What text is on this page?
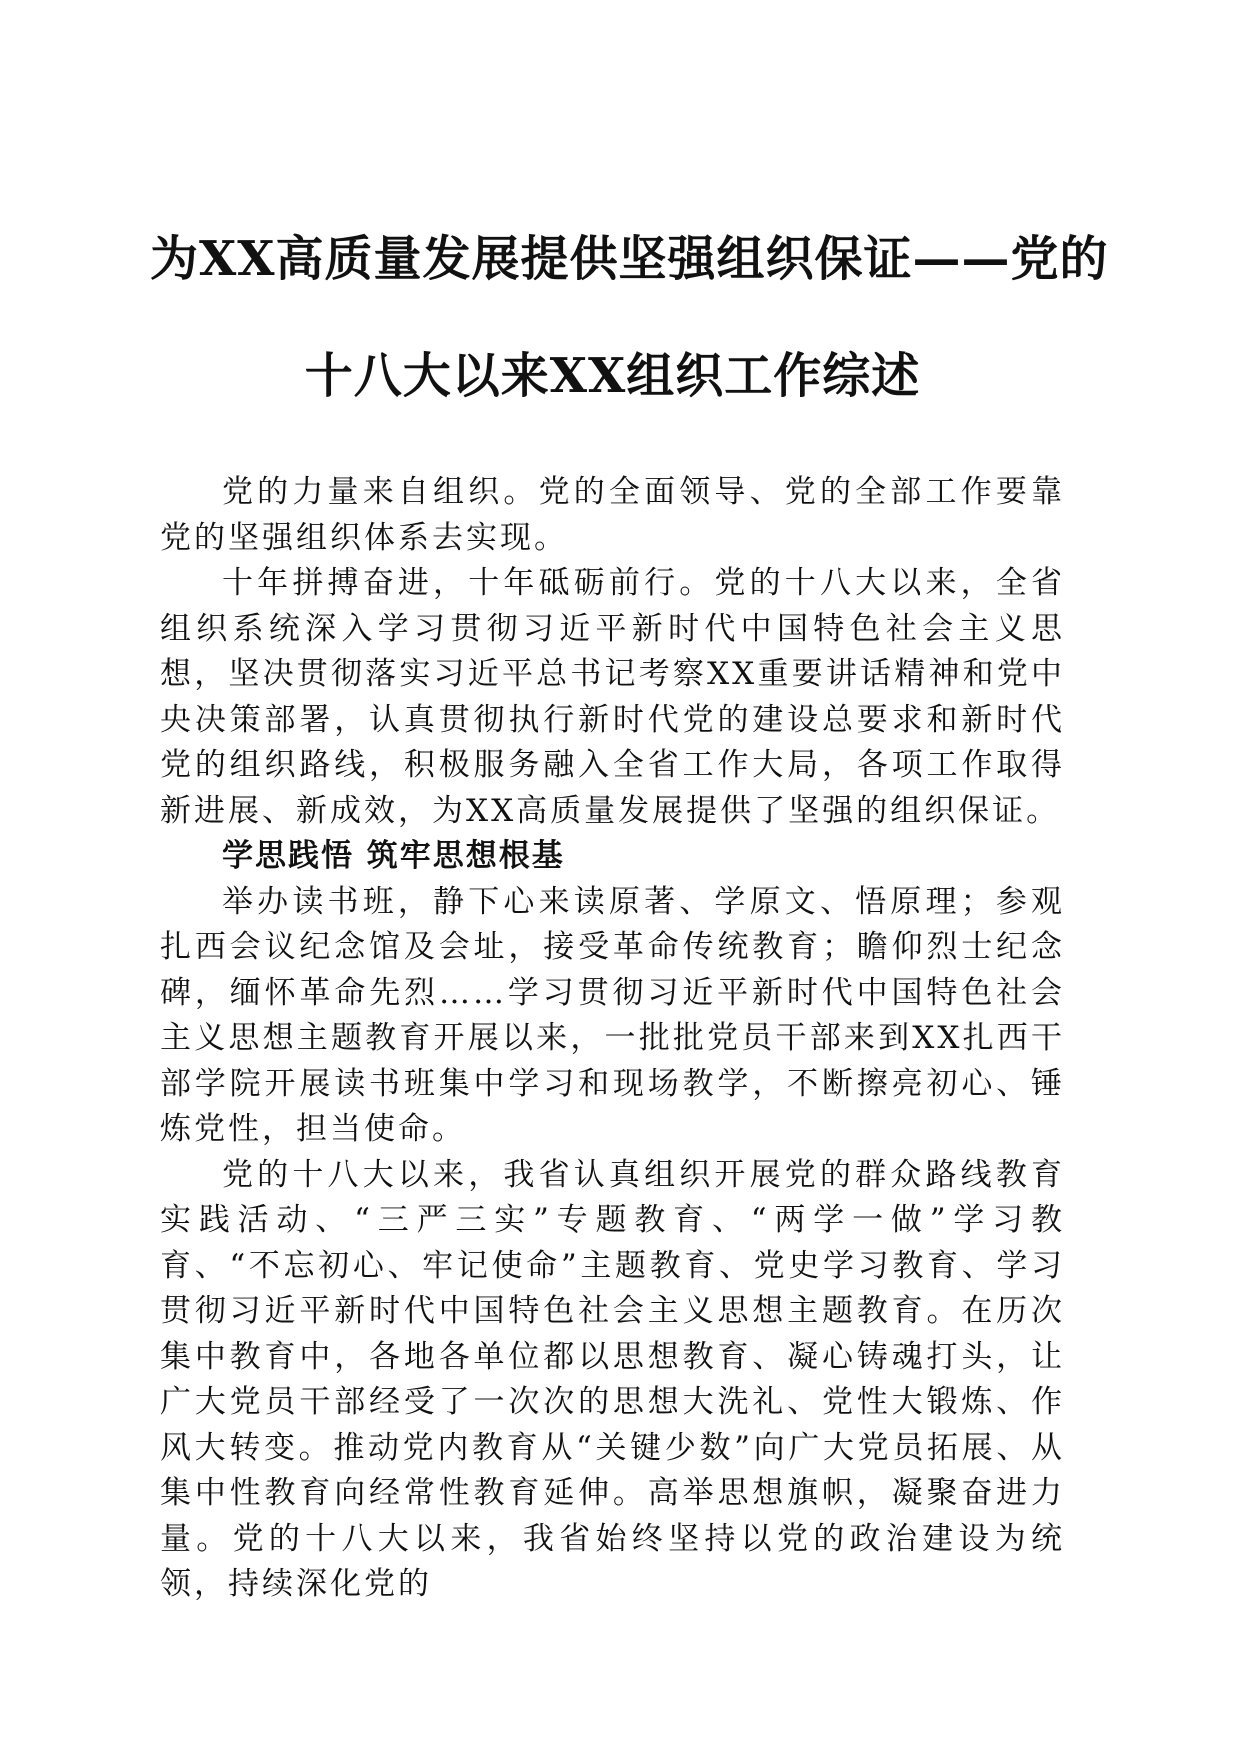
为XX高质量发展提供坚强组织保证——党的
十八大以来XX组织工作综述

党的力量来自组织。党的全面领导、党的全部工作要靠党的坚强组织体系去实现。

十年拼搏奋进，十年砥砺前行。党的十八大以来，全省组织系统深入学习贯彻习近平新时代中国特色社会主义思想，坚决贯彻落实习近平总书记考察XX重要讲话精神和党中央决策部署，认真贯彻执行新时代党的建设总要求和新时代党的组织路线，积极服务融入全省工作大局，各项工作取得新进展、新成效，为XX高质量发展提供了坚强的组织保证。

学思践悟 筑牢思想根基

举办读书班，静下心来读原著、学原文、悟原理；参观扎西会议纪念馆及会址，接受革命传统教育；瞻仰烈士纪念碑，缅怀革命先烈……学习贯彻习近平新时代中国特色社会主义思想主题教育开展以来，一批批党员干部来到XX扎西干部学院开展读书班集中学习和现场教学，不断擦亮初心、锤炼党性，担当使命。

党的十八大以来，我省认真组织开展党的群众路线教育实践活动、“三严三实”专题教育、“两学一做”学习教育、“不忘初心、牢记使命”主题教育、党史学习教育、学习贯彻习近平新时代中国特色社会主义思想主题教育。在历次集中教育中，各地各单位都以思想教育、凝心铸魂打头，让广大党员干部经受了一次次的思想大洗礼、党性大锻炼、作风大转变。推动党内教育从“关键少数”向广大党员拓展、从集中性教育向经常性教育延伸。高举思想旗帜，凝聚奋进力量。党的十八大以来，我省始终坚持以党的政治建设为统领，持续深化党的
